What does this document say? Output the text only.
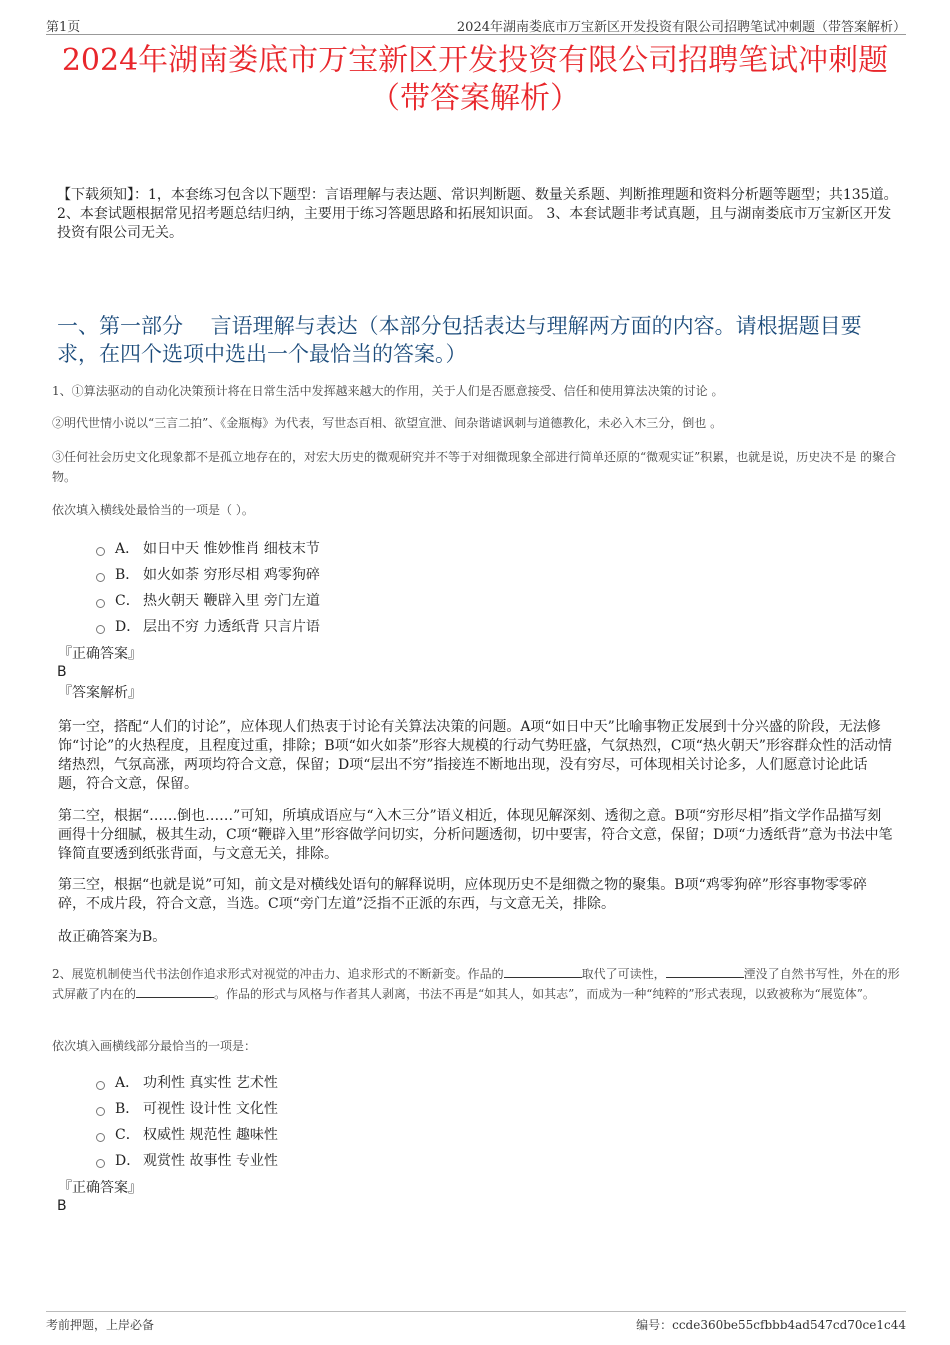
第1页	2024年湖南娄底市万宝新区开发投资有限公司招聘笔试冲刺题（带答案解析）
2024年湖南娄底市万宝新区开发投资有限公司招聘笔试冲刺题
（带答案解析）
【下载须知】：1，本套练习包含以下题型：言语理解与表达题、常识判断题、数量关系题、判断推理题和资料分析题等题型；共135道。 2、本套试题根据常见招考题总结归纳，主要用于练习答题思路和拓展知识面。 3、本套试题非考试真题，且与湖南娄底市万宝新区开发投资有限公司无关。
一、第一部分　 言语理解与表达（本部分包括表达与理解两方面的内容。请根据题目要求，在四个选项中选出一个最恰当的答案。）
1、①算法驱动的自动化决策预计将在日常生活中发挥越来越大的作用，关于人们是否愿意接受、信任和使用算法决策的讨论 。
②明代世情小说以“三言二拍”、《金瓶梅》为代表，写世态百相、欲望宣泄、间杂谐谑讽刺与道德教化，未必入木三分，倒也 。
③任何社会历史文化现象都不是孤立地存在的，对宏大历史的微观研究并不等于对细微现象全部进行简单还原的“微观实证”积累，也就是说，历史决不是 的聚合物。
依次填入横线处最恰当的一项是（ ）。
A． 如日中天 惟妙惟肖 细枝末节
B． 如火如荼 穷形尽相 鸡零狗碎
C． 热火朝天 鞭辟入里 旁门左道
D． 层出不穷 力透纸背 只言片语
『正确答案』
B
『答案解析』
第一空，搭配“人们的讨论”，应体现人们热衷于讨论有关算法决策的问题。A项“如日中天”比喻事物正发展到十分兴盛的阶段，无法修饰“讨论”的火热程度，且程度过重，排除；B项“如火如荼”形容大规模的行动气势旺盛，气氛热烈，C项“热火朝天”形容群众性的活动情绪热烈，气氛高涨，两项均符合文意，保留；D项“层出不穷”指接连不断地出现，没有穷尽，可体现相关讨论多，人们愿意讨论此话题，符合文意，保留。
第二空，根据“……倒也……”可知，所填成语应与“入木三分”语义相近，体现见解深刻、透彻之意。B项“穷形尽相”指文学作品描写刻画得十分细腻，极其生动，C项“鞭辟入里”形容做学问切实，分析问题透彻，切中要害，符合文意，保留；D项“力透纸背”意为书法中笔锋简直要透到纸张背面，与文意无关，排除。
第三空，根据“也就是说”可知，前文是对横线处语句的解释说明，应体现历史不是细微之物的聚集。B项“鸡零狗碎”形容事物零零碎碎，不成片段，符合文意，当选。C项“旁门左道”泛指不正派的东西，与文意无关，排除。
故正确答案为B。
2、展览机制使当代书法创作追求形式对视觉的冲击力、追求形式的不断新变。作品的	取代了可读性，	湮没了自然书写性，外在的形式屏蔽了内在的	。作品的形式与风格与作者其人剥离，书法不再是“如其人，如其志”，而成为一种“纯粹的”形式表现，以致被称为“展览体”。
依次填入画横线部分最恰当的一项是：
A． 功利性 真实性 艺术性
B． 可视性 设计性 文化性
C． 权威性 规范性 趣味性
D． 观赏性 故事性 专业性
『正确答案』
B
考前押题，上岸必备	编号：ccde360be55cfbbb4ad547cd70ce1c44
